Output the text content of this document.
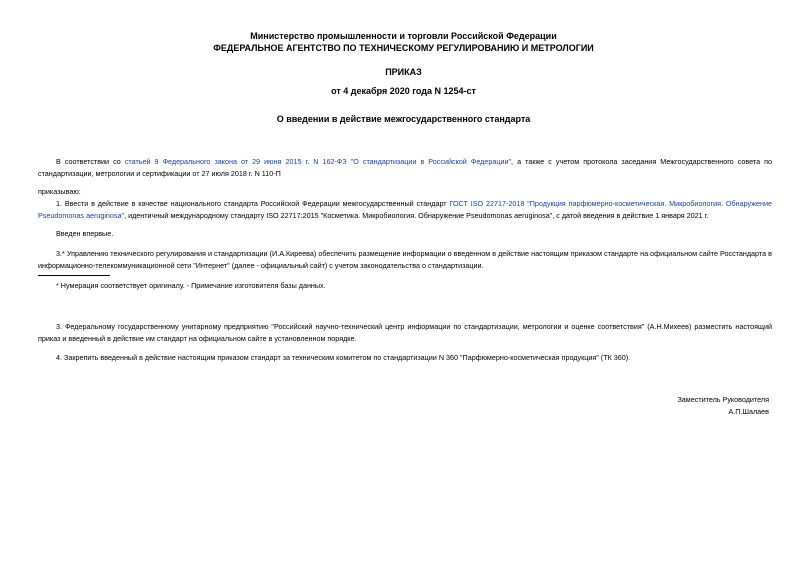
Министерство промышленности и торговли Российской Федерации
ФЕДЕРАЛЬНОЕ АГЕНТСТВО ПО ТЕХНИЧЕСКОМУ РЕГУЛИРОВАНИЮ И МЕТРОЛОГИИ
ПРИКАЗ
от 4 декабря 2020 года N 1254-ст
О введении в действие межгосударственного стандарта
В соответствии со статьей 9 Федерального закона от 29 июня 2015 г. N 162-ФЗ "О стандартизации в Российской Федерации", а также с учетом протокола заседания Межгосударственного совета по стандартизации, метрологии и сертификации от 27 июля 2018 г. N 110-П
приказываю:
1. Ввести в действие в качестве национального стандарта Российской Федерации межгосударственный стандарт ГОСТ ISO 22717-2018 "Продукция парфюмерно-косметическая. Микробиология. Обнаружение Pseudomonas aeruginosa", идентичный международному стандарту ISO 22717:2015 "Косметика. Микробиология. Обнаружение Pseudomonas aeruginosa", с датой введения в действие 1 января 2021 г.
Введен впервые.
3.* Управлению технического регулирования и стандартизации (И.А.Киреева) обеспечить размещение информации о введенном в действие настоящим приказом стандарте на официальном сайте Росстандарта в информационно-телекоммуникационной сети "Интернет" (далее - официальный сайт) с учетом законодательства о стандартизации.
* Нумерация соответствует оригиналу. - Примечание изготовителя базы данных.
3. Федеральному государственному унитарному предприятию "Российский научно-технический центр информации по стандартизации, метрологии и оценке соответствия" (А.Н.Михеев) разместить настоящий приказ и введенный в действие им стандарт на официальном сайте в установленном порядке.
4. Закрепить введенный в действие настоящим приказом стандарт за техническим комитетом по стандартизации N 360 "Парфюмерно-косметическая продукция" (ТК 360).
Заместитель Руководителя
А.П.Шалаев
